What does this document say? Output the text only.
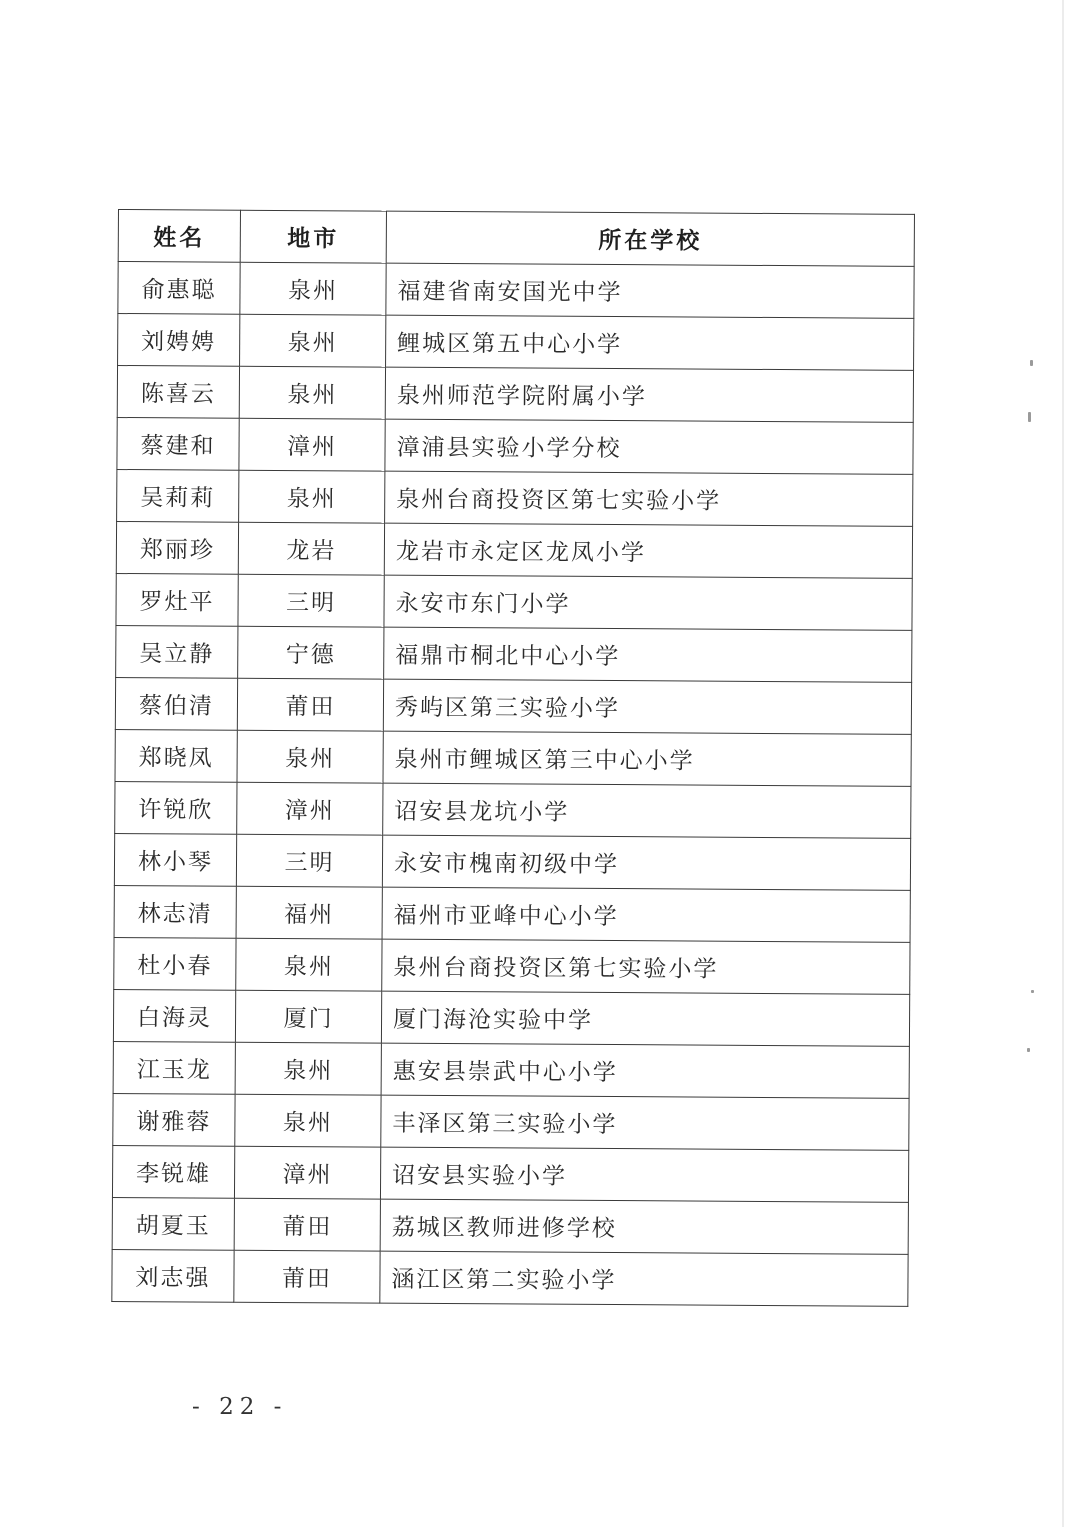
姓名	地市	所在学校
俞惠聪	泉州	福建省南安国光中学
刘娉娉	泉州	鲤城区第五中心小学
陈喜云	泉州	泉州师范学院附属小学
蔡建和	漳州	漳浦县实验小学分校
吴莉莉	泉州	泉州台商投资区第七实验小学
郑丽珍	龙岩	龙岩市永定区龙凤小学
罗灶平	三明	永安市东门小学
吴立静	宁德	福鼎市桐北中心小学
蔡伯清	莆田	秀屿区第三实验小学
郑晓凤	泉州	泉州市鲤城区第三中心小学
许锐欣	漳州	诏安县龙坑小学
林小琴	三明	永安市槐南初级中学
林志清	福州	福州市亚峰中心小学
杜小春	泉州	泉州台商投资区第七实验小学
白海灵	厦门	厦门海沧实验中学
江玉龙	泉州	惠安县崇武中心小学
谢雅蓉	泉州	丰泽区第三实验小学
李锐雄	漳州	诏安县实验小学
胡夏玉	莆田	荔城区教师进修学校
刘志强	莆田	涵江区第二实验小学
- 22 -
